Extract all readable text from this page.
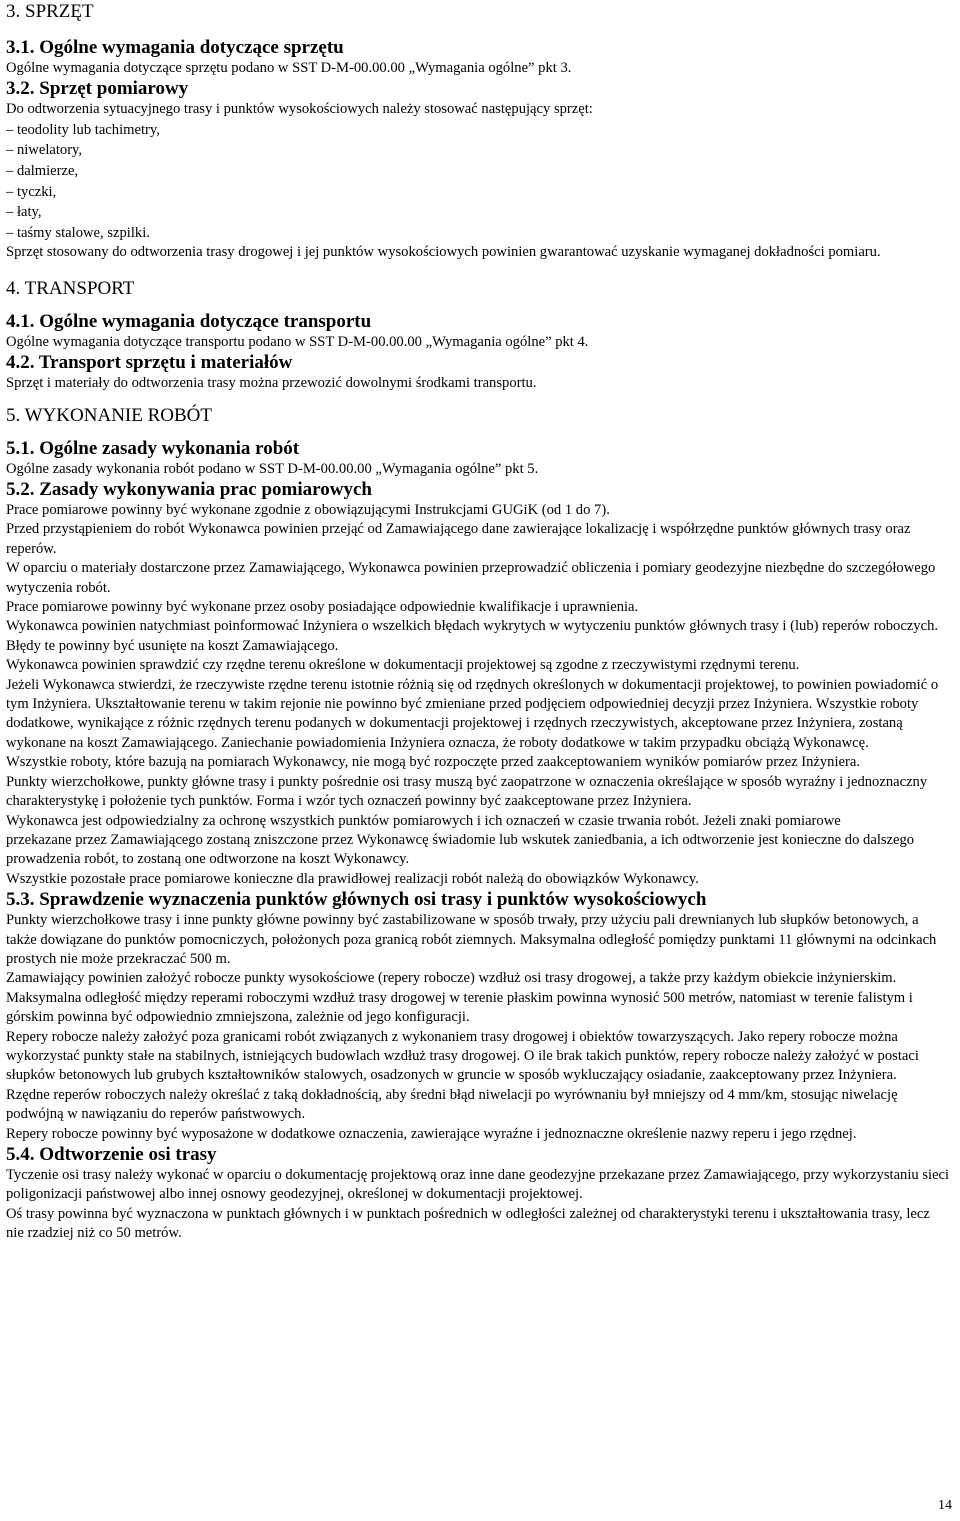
3. SPRZĘT
3.1. Ogólne wymagania dotyczące sprzętu

Ogólne wymagania dotyczące sprzętu podano w SST D-M-00.00.00 „Wymagania ogólne” pkt 3.

3.2. Sprzęt pomiarowy

Do odtworzenia sytuacyjnego trasy i punktów wysokościowych należy stosować następujący sprzęt:

– teodolity lub tachimetry,
– niwelatory,
– dalmierze,
– tyczki,
– łaty,
– taśmy stalowe, szpilki.

Sprzęt stosowany do odtworzenia trasy drogowej i jej punktów wysokościowych powinien gwarantować uzyskanie wymaganej dokładności pomiaru.

4. TRANSPORT
4.1. Ogólne wymagania dotyczące transportu

Ogólne wymagania dotyczące transportu podano w SST D-M-00.00.00 „Wymagania ogólne” pkt 4.

4.2. Transport sprzętu i materiałów

Sprzęt i materiały do odtworzenia trasy można przewozić dowolnymi środkami transportu.

5. WYKONANIE ROBÓT
5.1. Ogólne zasady wykonania robót

Ogólne zasady wykonania robót podano w SST D-M-00.00.00 „Wymagania ogólne” pkt 5.

5.2. Zasady wykonywania prac pomiarowych

Prace pomiarowe powinny być wykonane zgodnie z obowiązującymi Instrukcjami GUGiK (od 1 do 7).

Przed przystąpieniem do robót Wykonawca powinien przejąć od Zamawiającego dane zawierające lokalizację i współrzędne punktów głównych trasy oraz reperów.

W oparciu o materiały dostarczone przez Zamawiającego, Wykonawca powinien przeprowadzić obliczenia i pomiary geodezyjne niezbędne do szczegółowego wytyczenia robót.

Prace pomiarowe powinny być wykonane przez osoby posiadające odpowiednie kwalifikacje i uprawnienia.

Wykonawca powinien natychmiast poinformować Inżyniera o wszelkich błędach wykrytych w wytyczeniu punktów głównych trasy i (lub) reperów roboczych. Błędy te powinny być usunięte na koszt Zamawiającego.

Wykonawca powinien sprawdzić czy rzędne terenu określone w dokumentacji projektowej są zgodne z rzeczywistymi rzędnymi terenu.

Jeżeli Wykonawca stwierdzi, że rzeczywiste rzędne terenu istotnie różnią się od rzędnych określonych w dokumentacji projektowej, to powinien powiadomić o tym Inżyniera. Ukształtowanie terenu w takim rejonie nie powinno być zmieniane przed podjęciem odpowiedniej decyzji przez Inżyniera. Wszystkie roboty dodatkowe, wynikające z różnic rzędnych terenu podanych w dokumentacji projektowej i rzędnych rzeczywistych, akceptowane przez Inżyniera, zostaną

wykonane na koszt Zamawiającego. Zaniechanie powiadomienia Inżyniera oznacza, że roboty dodatkowe w takim przypadku obciążą Wykonawcę.

Wszystkie roboty, które bazują na pomiarach Wykonawcy, nie mogą być rozpoczęte przed zaakceptowaniem wyników pomiarów przez Inżyniera.

Punkty wierzchołkowe, punkty główne trasy i punkty pośrednie osi trasy muszą być zaopatrzone w oznaczenia określające w sposób wyraźny i jednoznaczny charakterystykę i położenie tych punktów. Forma i wzór tych oznaczeń powinny być zaakceptowane przez Inżyniera.

Wykonawca jest odpowiedzialny za ochronę wszystkich punktów pomiarowych i ich oznaczeń w czasie trwania robót. Jeżeli znaki pomiarowe

przekazane przez Zamawiającego zostaną zniszczone przez Wykonawcę świadomie lub wskutek zaniedbania, a ich odtworzenie jest konieczne do dalszego prowadzenia robót, to zostaną one odtworzone na koszt Wykonawcy.

Wszystkie pozostałe prace pomiarowe konieczne dla prawidłowej realizacji robót należą do obowiązków Wykonawcy.

5.3. Sprawdzenie wyznaczenia punktów głównych osi trasy i punktów wysokościowych

Punkty wierzchołkowe trasy i inne punkty główne powinny być zastabilizowane w sposób trwały, przy użyciu pali drewnianych lub słupków betonowych, a także dowiązane do punktów pomocniczych, położonych poza granicą robót ziemnych. Maksymalna odległość pomiędzy punktami 11 głównymi na odcinkach prostych nie może przekraczać 500 m.

Zamawiający powinien założyć robocze punkty wysokościowe (repery robocze) wzdłuż osi trasy drogowej, a także przy każdym obiekcie inżynierskim. Maksymalna odległość między reperami roboczymi wzdłuż trasy drogowej w terenie płaskim powinna wynosić 500 metrów, natomiast w terenie falistym i górskim powinna być odpowiednio zmniejszona, zależnie od jego konfiguracji.

Repery robocze należy założyć poza granicami robót związanych z wykonaniem trasy drogowej i obiektów towarzyszących. Jako repery robocze można wykorzystać punkty stałe na stabilnych, istniejących budowlach wzdłuż trasy drogowej. O ile brak takich punktów, repery robocze należy założyć w postaci słupków betonowych lub grubych kształtowników stalowych, osadzonych w gruncie w sposób wykluczający osiadanie, zaakceptowany przez Inżyniera.

Rzędne reperów roboczych należy określać z taką dokładnością, aby średni błąd niwelacji po wyrównaniu był mniejszy od 4 mm/km, stosując niwelację podwójną w nawiązaniu do reperów państwowych.

Repery robocze powinny być wyposażone w dodatkowe oznaczenia, zawierające wyraźne i jednoznaczne określenie nazwy reperu i jego rzędnej.

5.4. Odtworzenie osi trasy

Tyczenie osi trasy należy wykonać w oparciu o dokumentację projektową oraz inne dane geodezyjne przekazane przez Zamawiającego, przy wykorzystaniu sieci poligonizacji państwowej albo innej osnowy geodezyjnej, określonej w dokumentacji projektowej.

Oś trasy powinna być wyznaczona w punktach głównych i w punktach pośrednich w odległości zależnej od charakterystyki terenu i ukształtowania trasy, lecz nie rzadziej niż co 50 metrów.

14
